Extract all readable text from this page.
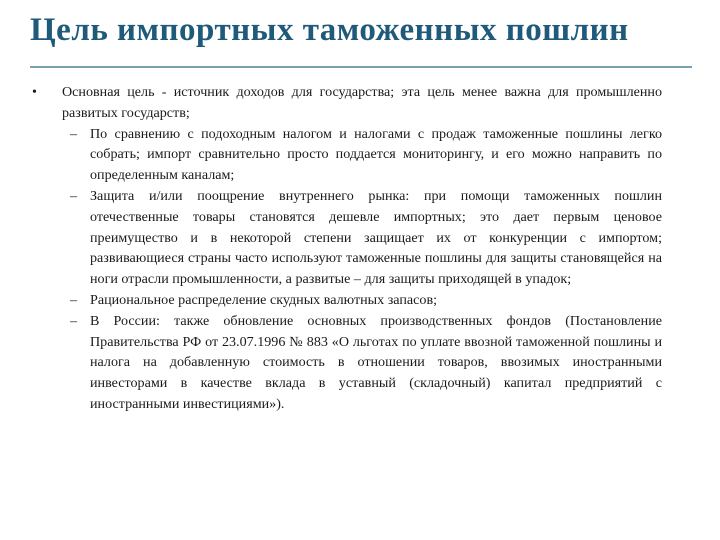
Цель импортных таможенных пошлин
• Основная цель - источник доходов для государства; эта цель менее важна для промышленно развитых государств;
– По сравнению с подоходным налогом и налогами с продаж таможенные пошлины легко собрать; импорт сравнительно просто поддается мониторингу, и его можно направить по определенным каналам;
– Защита и/или поощрение внутреннего рынка: при помощи таможенных пошлин отечественные товары становятся дешевле импортных; это дает первым ценовое преимущество и в некоторой степени защищает их от конкуренции с импортом; развивающиеся страны часто используют таможенные пошлины для защиты становящейся на ноги отрасли промышленности, а развитые – для защиты приходящей в упадок;
– Рациональное распределение скудных валютных запасов;
– В России: также обновление основных производственных фондов (Постановление Правительства РФ от 23.07.1996 № 883 «О льготах по уплате ввозной таможенной пошлины и налога на добавленную стоимость в отношении товаров, ввозимых иностранными инвесторами в качестве вклада в уставный (складочный) капитал предприятий с иностранными инвестициями»).
